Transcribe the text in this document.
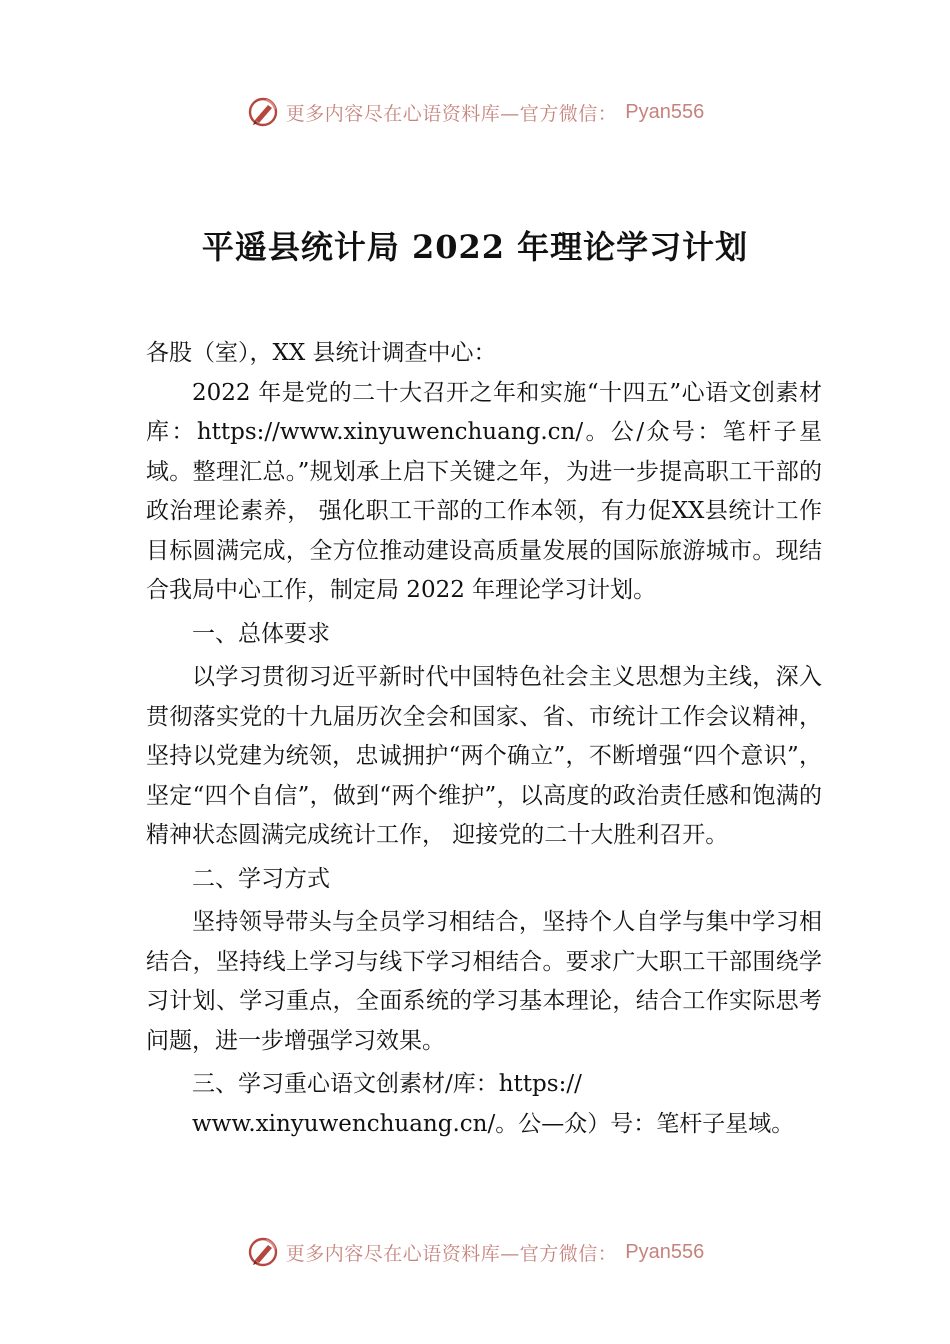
更多内容尽在心语资料库—官方微信： Pyan556
平遥县统计局 2022 年理论学习计划

各股（室），XX 县统计调查中心：

2022 年是党的二十大召开之年和实施“十四五”心语文创素材库：https://www.xinyuwenchuang.cn/。公/众号：笔杆子星域。整理汇总。”规划承上启下关键之年，为进一步提高职工干部的政治理论素养， 强化职工干部的工作本领，有力促XX县统计工作目标圆满完成，全方位推动建设高质量发展的国际旅游城市。现结合我局中心工作，制定局 2022 年理论学习计划。

一、总体要求

以学习贯彻习近平新时代中国特色社会主义思想为主线，深入贯彻落实党的十九届历次全会和国家、省、市统计工作会议精神，坚持以党建为统领，忠诚拥护“两个确立”，不断增强“四个意识”，坚定“四个自信”，做到“两个维护”，以高度的政治责任感和饱满的精神状态圆满完成统计工作， 迎接党的二十大胜利召开。

二、学习方式

坚持领导带头与全员学习相结合，坚持个人自学与集中学习相结合，坚持线上学习与线下学习相结合。要求广大职工干部围绕学习计划、学习重点，全面系统的学习基本理论，结合工作实际思考问题，进一步增强学习效果。

三、学习重心语文创素材/库：https://

www.xinyuwenchuang.cn/。公—众）号：笔杆子星域。

更多内容尽在心语资料库—官方微信： Pyan556
